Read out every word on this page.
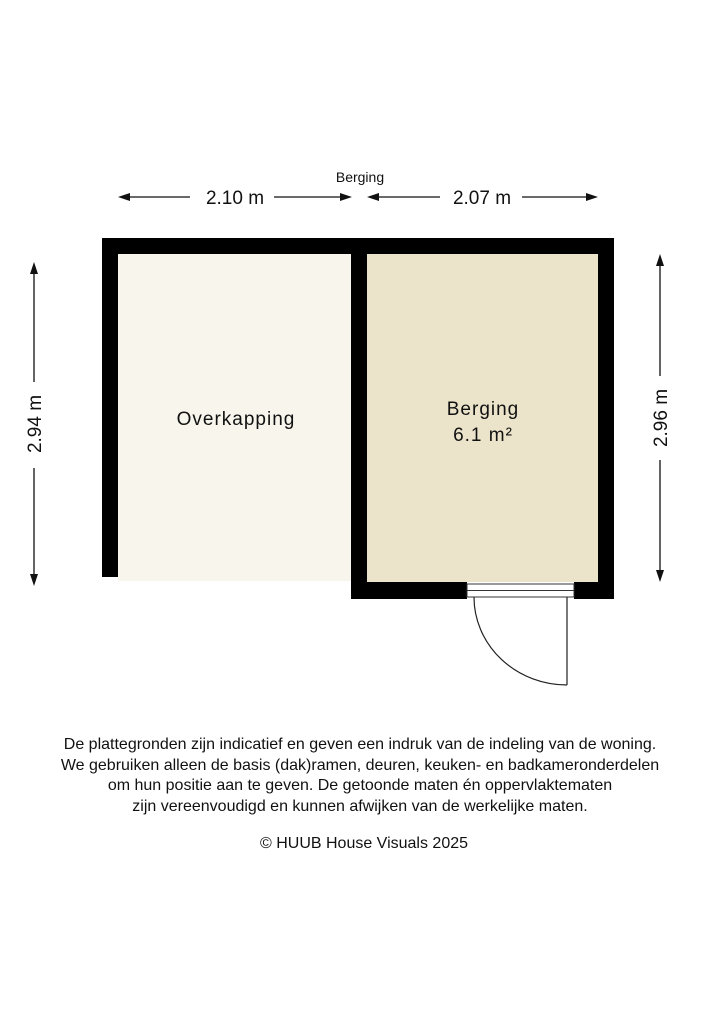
Berging
Overkapping	Berging
6.1 m²
2.10 m	2.07 m
2.94 m	2.96 m
De plattegronden zijn indicatief en geven een indruk van de indeling van de woning.
We gebruiken alleen de basis (dak)ramen, deuren, keuken- en badkameronderdelen
om hun positie aan te geven. De getoonde maten én oppervlaktematen
zijn vereenvoudigd en kunnen afwijken van de werkelijke maten.
© HUUB House Visuals 2025
